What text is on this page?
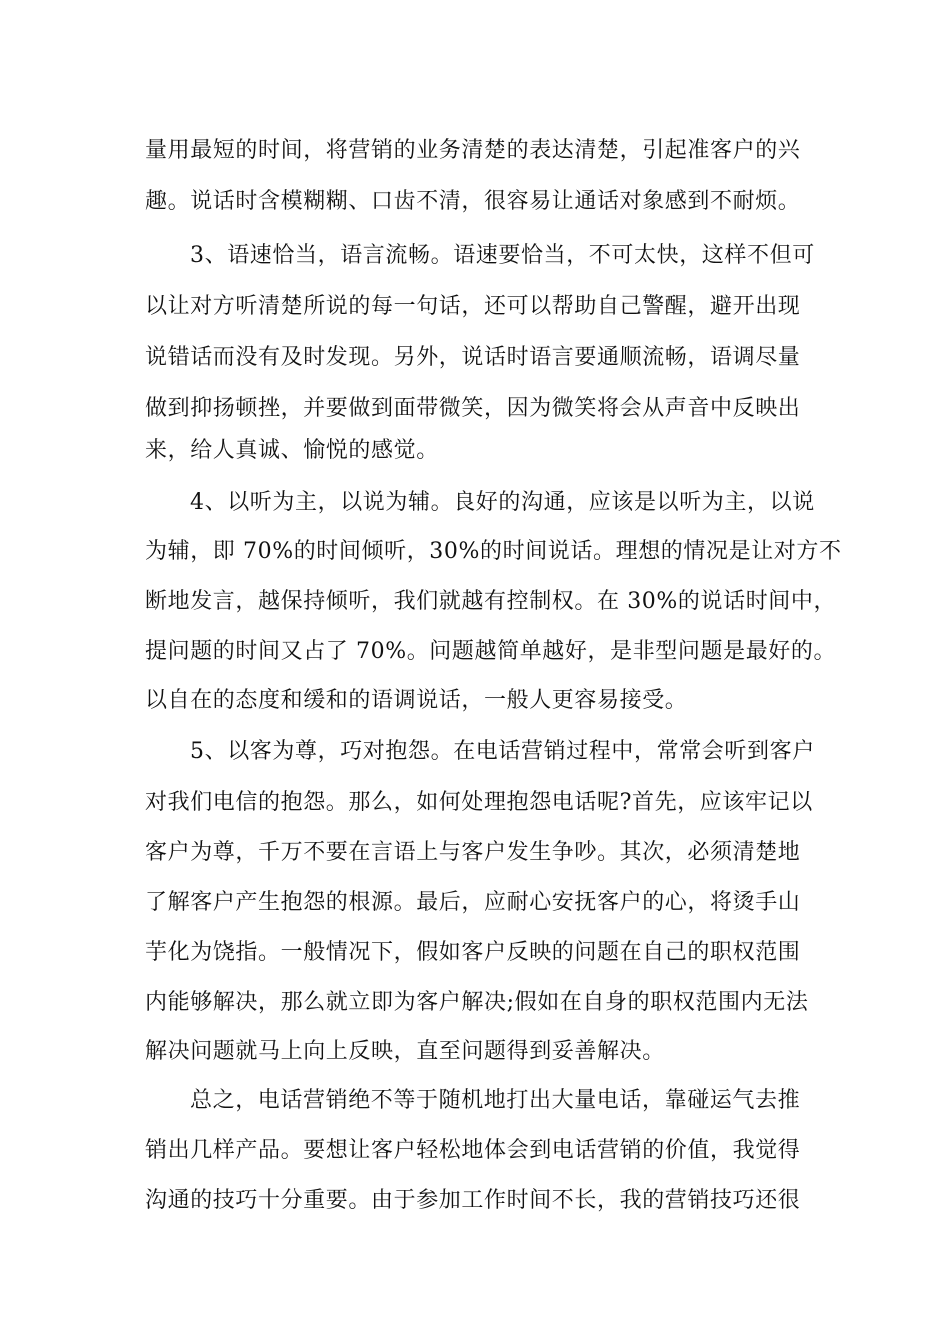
量用最短的时间，将营销的业务清楚的表达清楚，引起准客户的兴
趣。说话时含模糊糊、口齿不清，很容易让通话对象感到不耐烦。
3、语速恰当，语言流畅。语速要恰当，不可太快，这样不但可
以让对方听清楚所说的每一句话，还可以帮助自己警醒，避开出现
说错话而没有及时发现。另外，说话时语言要通顺流畅，语调尽量
做到抑扬顿挫，并要做到面带微笑，因为微笑将会从声音中反映出
来，给人真诚、愉悦的感觉。
4、以听为主，以说为辅。良好的沟通，应该是以听为主，以说
为辅，即 70%的时间倾听，30%的时间说话。理想的情况是让对方不
断地发言，越保持倾听，我们就越有控制权。在 30%的说话时间中，
提问题的时间又占了 70%。问题越简单越好，是非型问题是最好的。
以自在的态度和缓和的语调说话，一般人更容易接受。
5、以客为尊，巧对抱怨。在电话营销过程中，常常会听到客户
对我们电信的抱怨。那么，如何处理抱怨电话呢?首先，应该牢记以
客户为尊，千万不要在言语上与客户发生争吵。其次，必须清楚地
了解客户产生抱怨的根源。最后，应耐心安抚客户的心，将烫手山
芋化为饶指。一般情况下，假如客户反映的问题在自己的职权范围
内能够解决，那么就立即为客户解决;假如在自身的职权范围内无法
解决问题就马上向上反映，直至问题得到妥善解决。
总之，电话营销绝不等于随机地打出大量电话，靠碰运气去推
销出几样产品。要想让客户轻松地体会到电话营销的价值，我觉得
沟通的技巧十分重要。由于参加工作时间不长，我的营销技巧还很
